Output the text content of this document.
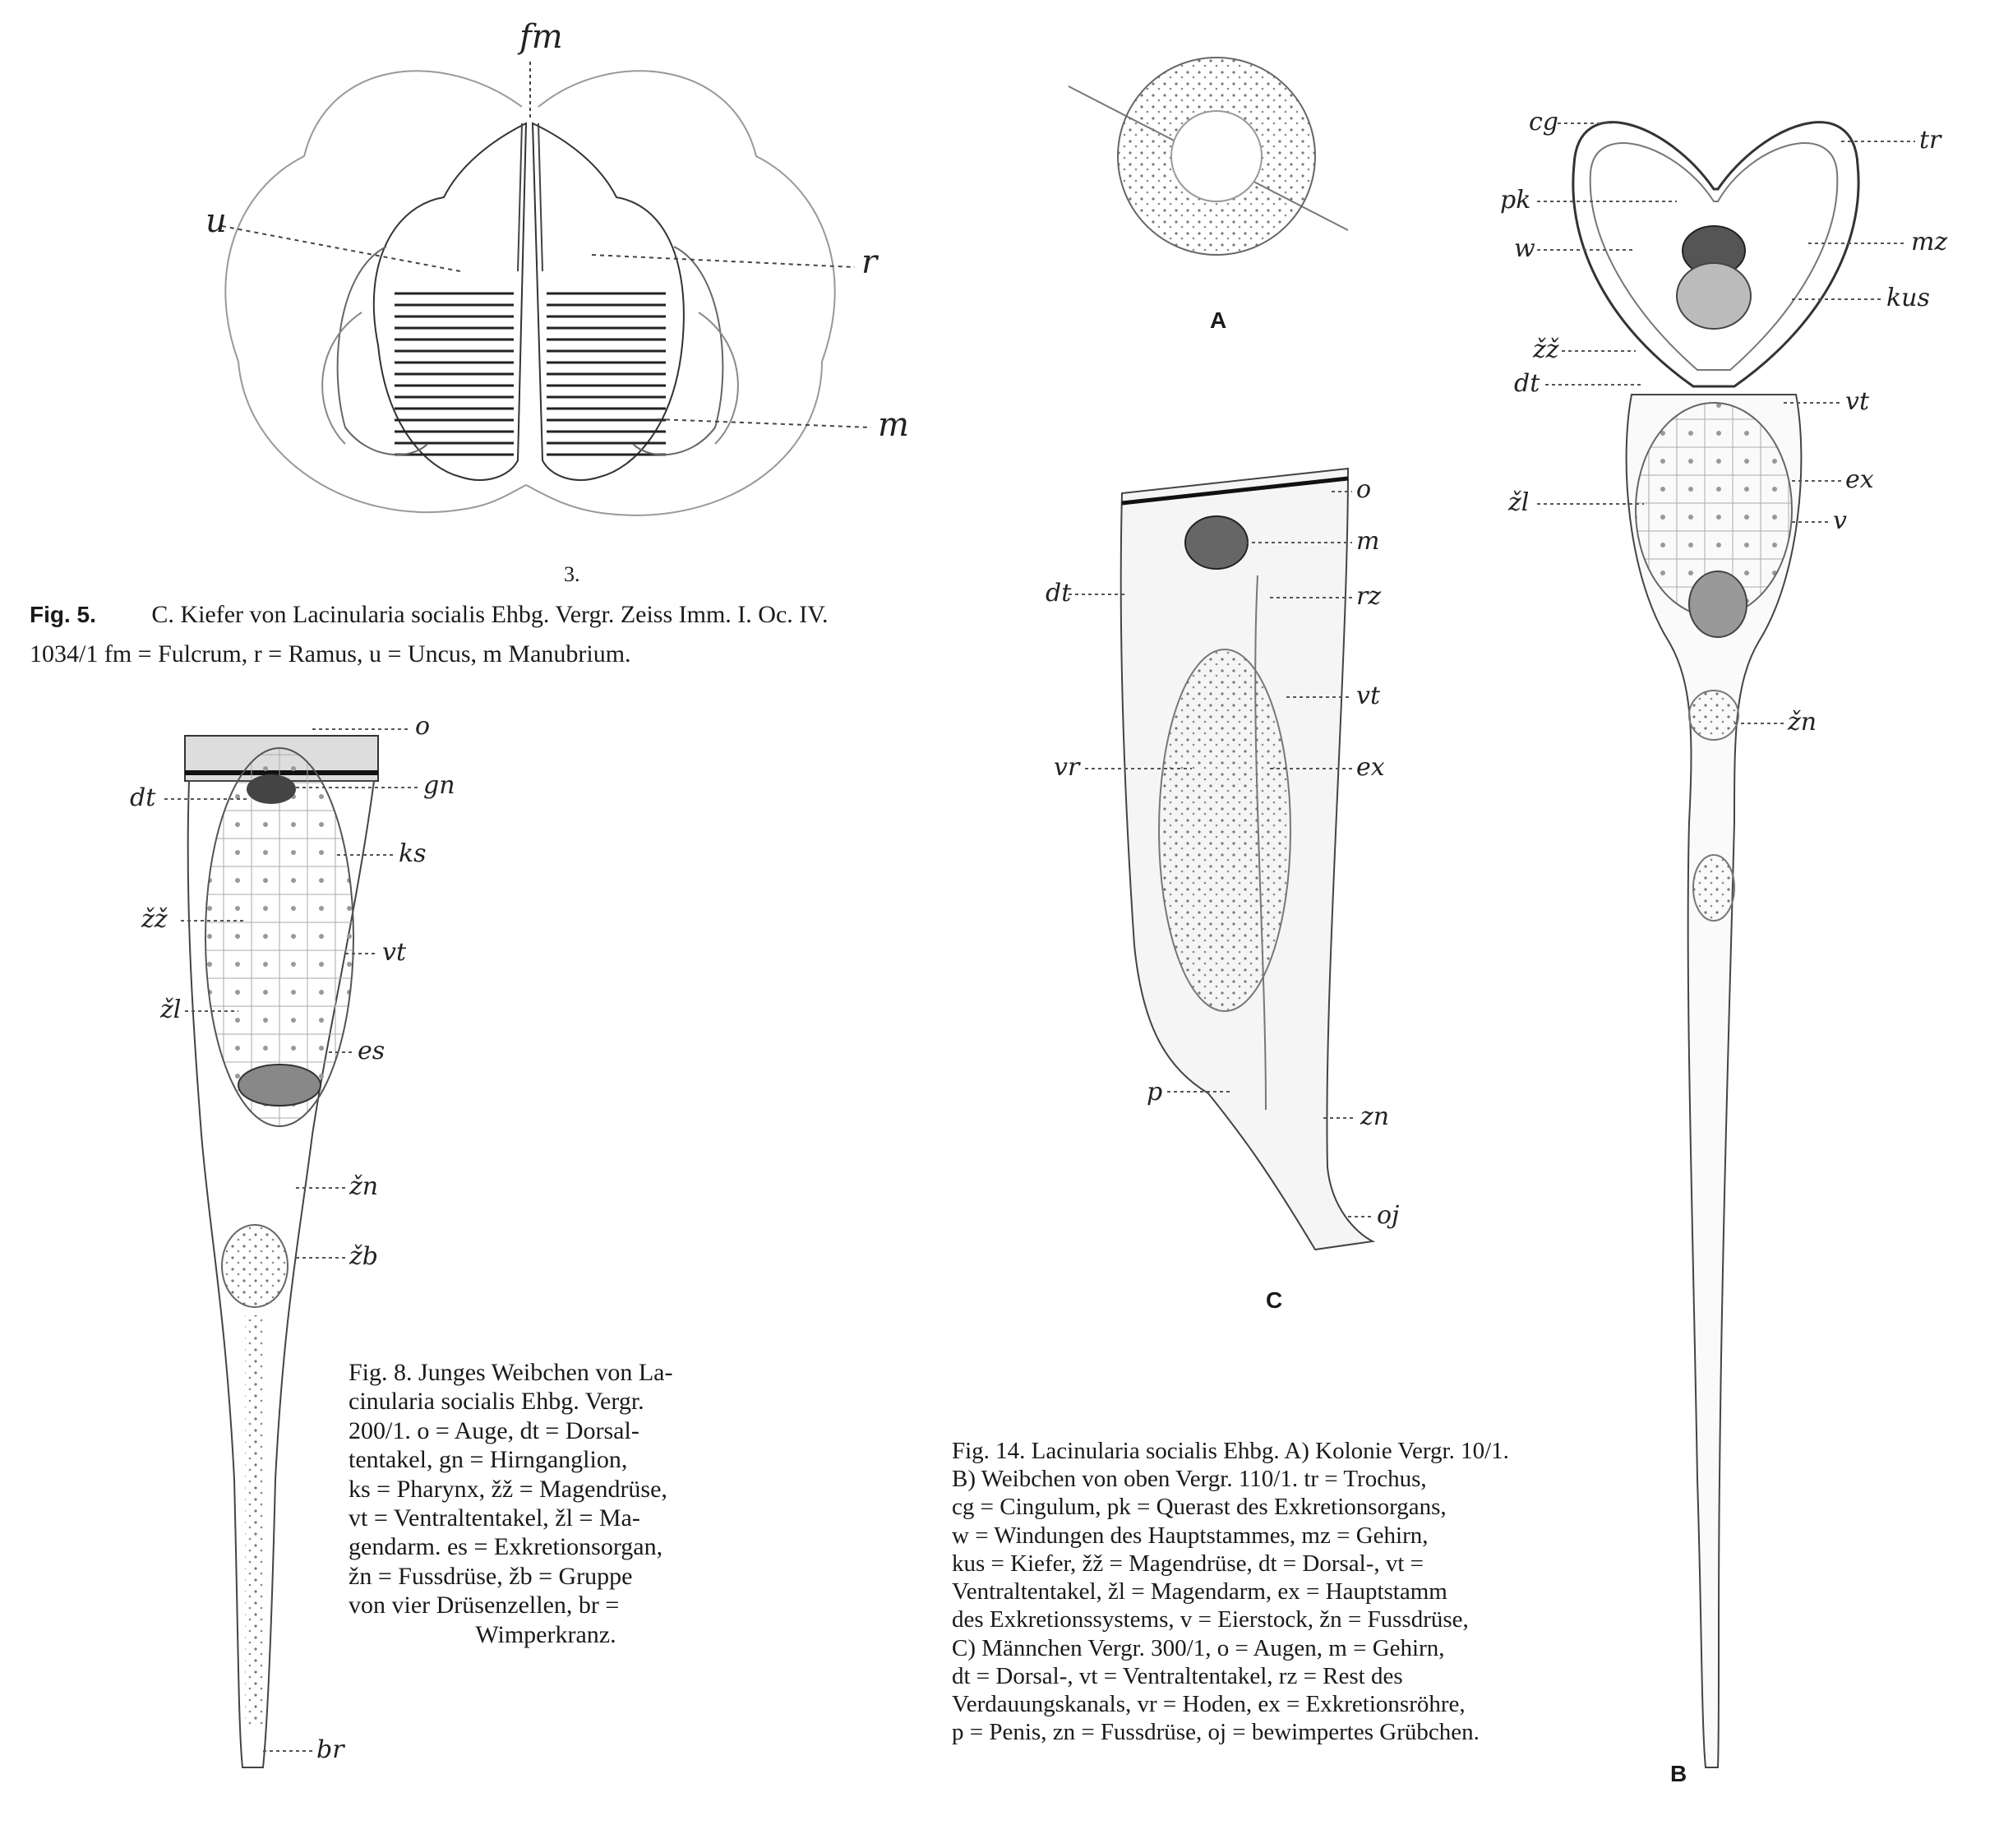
fm
u
r
m
o
gn
dt
ks
žž
vt
žl
es
žn
žb
br
o
m
dt	rz
vt
vr	ex
p
zn
oj
cg
tr
pk
mz
w
kus
žž
dt
vt
ex
žl
v
žn
3.
Fig. 5. C. Kiefer von Lacinularia socialis Ehbg. Vergr. Zeiss Imm. I. Oc. IV.
1034/1 fm = Fulcrum, r = Ramus, u = Uncus, m Manubrium.
Fig. 8. Junges Weibchen von La-
cinularia socialis Ehbg. Vergr.
200/1. o = Auge, dt = Dorsal-
tentakel, gn = Hirnganglion,
ks = Pharynx, žž = Magendrüse,
vt = Ventraltentakel, žl = Ma-
gendarm. es = Exkretionsorgan,
žn = Fussdrüse, žb = Gruppe
von vier Drüsenzellen, br =
Wimperkranz.
A
C
B
Fig. 14. Lacinularia socialis Ehbg. A) Kolonie Vergr. 10/1.
B) Weibchen von oben Vergr. 110/1. tr = Trochus,
cg = Cingulum, pk = Querast des Exkretionsorgans,
w = Windungen des Hauptstammes, mz = Gehirn,
kus = Kiefer, žž = Magendrüse, dt = Dorsal-, vt =
Ventraltentakel, žl = Magendarm, ex = Hauptstamm
des Exkretionssystems, v = Eierstock, žn = Fussdrüse,
C) Männchen Vergr. 300/1, o = Augen, m = Gehirn,
dt = Dorsal-, vt = Ventraltentakel, rz = Rest des
Verdauungskanals, vr = Hoden, ex = Exkretionsröhre,
p = Penis, zn = Fussdrüse, oj = bewimpertes Grübchen.
